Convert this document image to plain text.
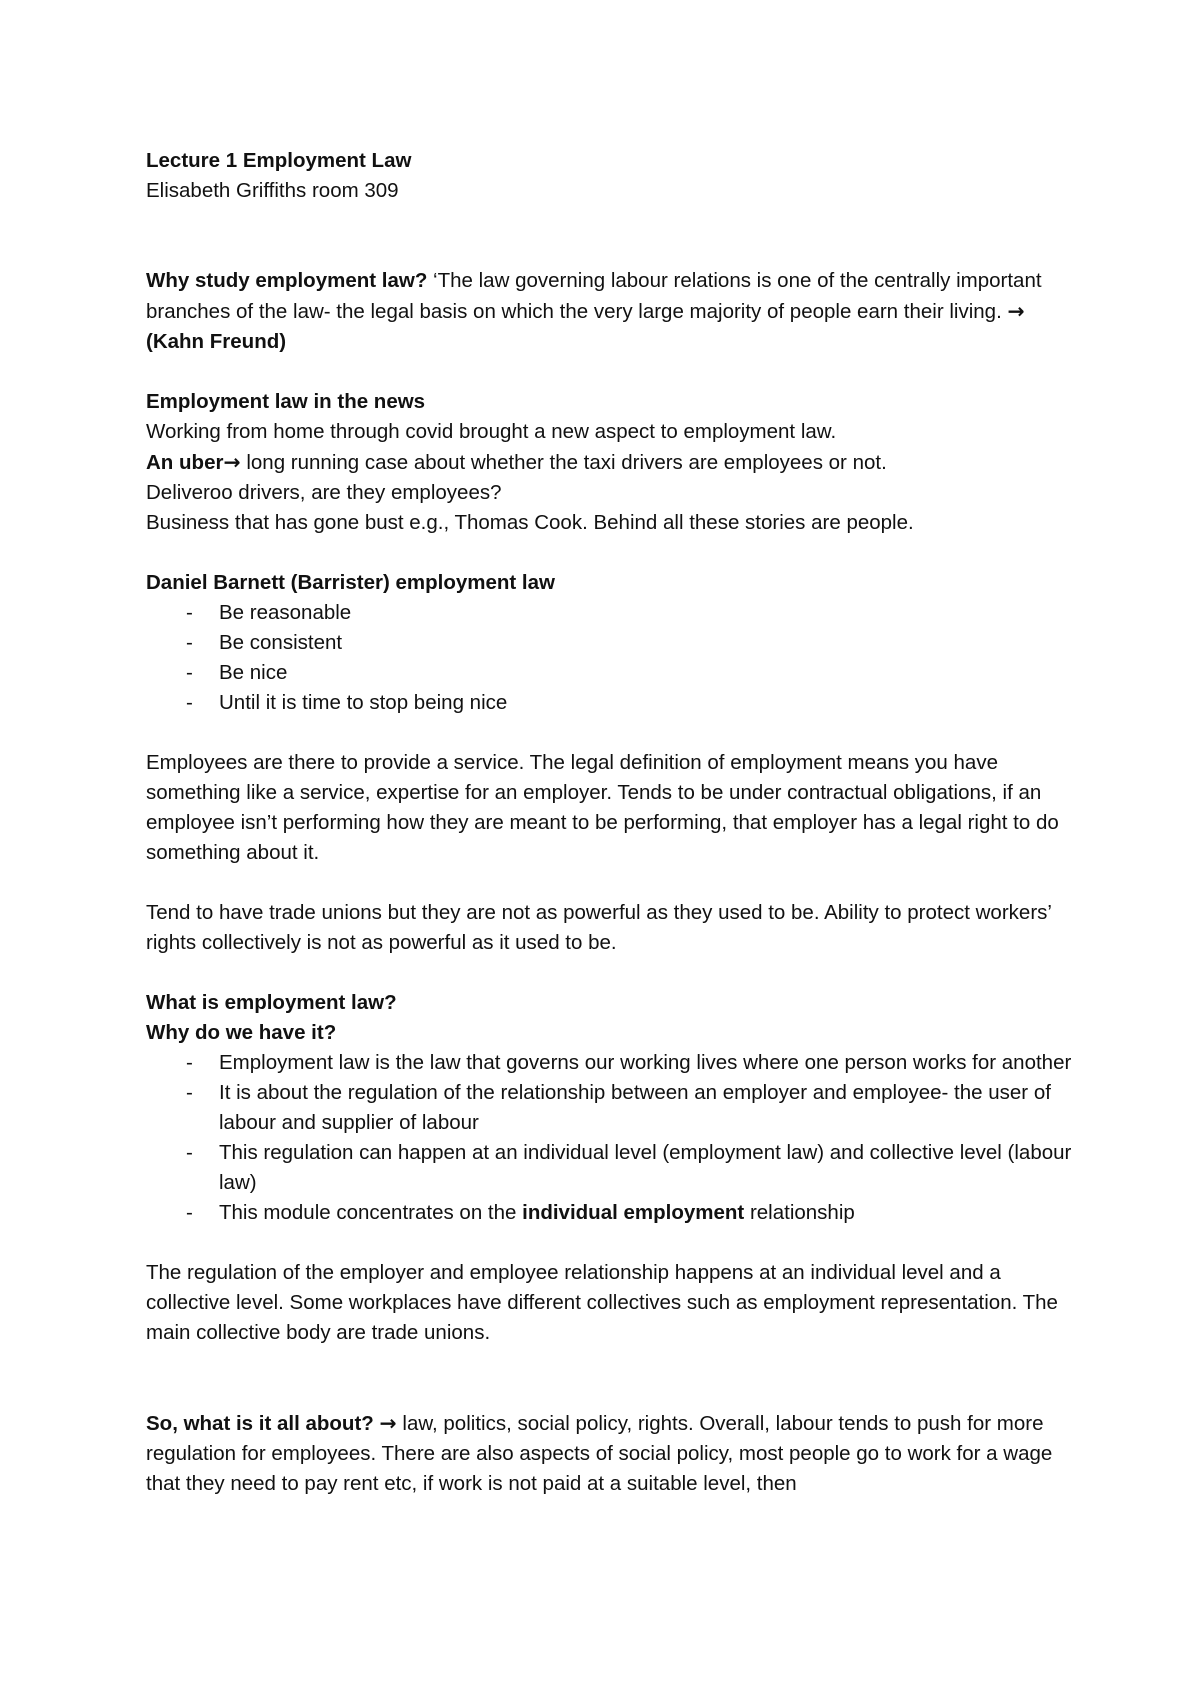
Lecture 1 Employment Law

Elisabeth Griffiths room 309

Why study employment law? ‘The law governing labour relations is one of the centrally important branches of the law- the legal basis on which the very large majority of people earn their living. → (Kahn Freund)

Employment law in the news

Working from home through covid brought a new aspect to employment law.

An uber→ long running case about whether the taxi drivers are employees or not.

Deliveroo drivers, are they employees?

Business that has gone bust e.g., Thomas Cook. Behind all these stories are people.

Daniel Barnett (Barrister) employment law

- Be reasonable
- Be consistent
- Be nice
- Until it is time to stop being nice

Employees are there to provide a service. The legal definition of employment means you have something like a service, expertise for an employer. Tends to be under contractual obligations, if an employee isn’t performing how they are meant to be performing, that employer has a legal right to do something about it.

Tend to have trade unions but they are not as powerful as they used to be. Ability to protect workers’ rights collectively is not as powerful as it used to be.

What is employment law?

Why do we have it?

- Employment law is the law that governs our working lives where one person works for another
- It is about the regulation of the relationship between an employer and employee- the user of labour and supplier of labour
- This regulation can happen at an individual level (employment law) and collective level (labour law)
- This module concentrates on the individual employment relationship

The regulation of the employer and employee relationship happens at an individual level and a collective level. Some workplaces have different collectives such as employment representation. The main collective body are trade unions.

So, what is it all about? → law, politics, social policy, rights. Overall, labour tends to push for more regulation for employees. There are also aspects of social policy, most people go to work for a wage that they need to pay rent etc, if work is not paid at a suitable level, then
